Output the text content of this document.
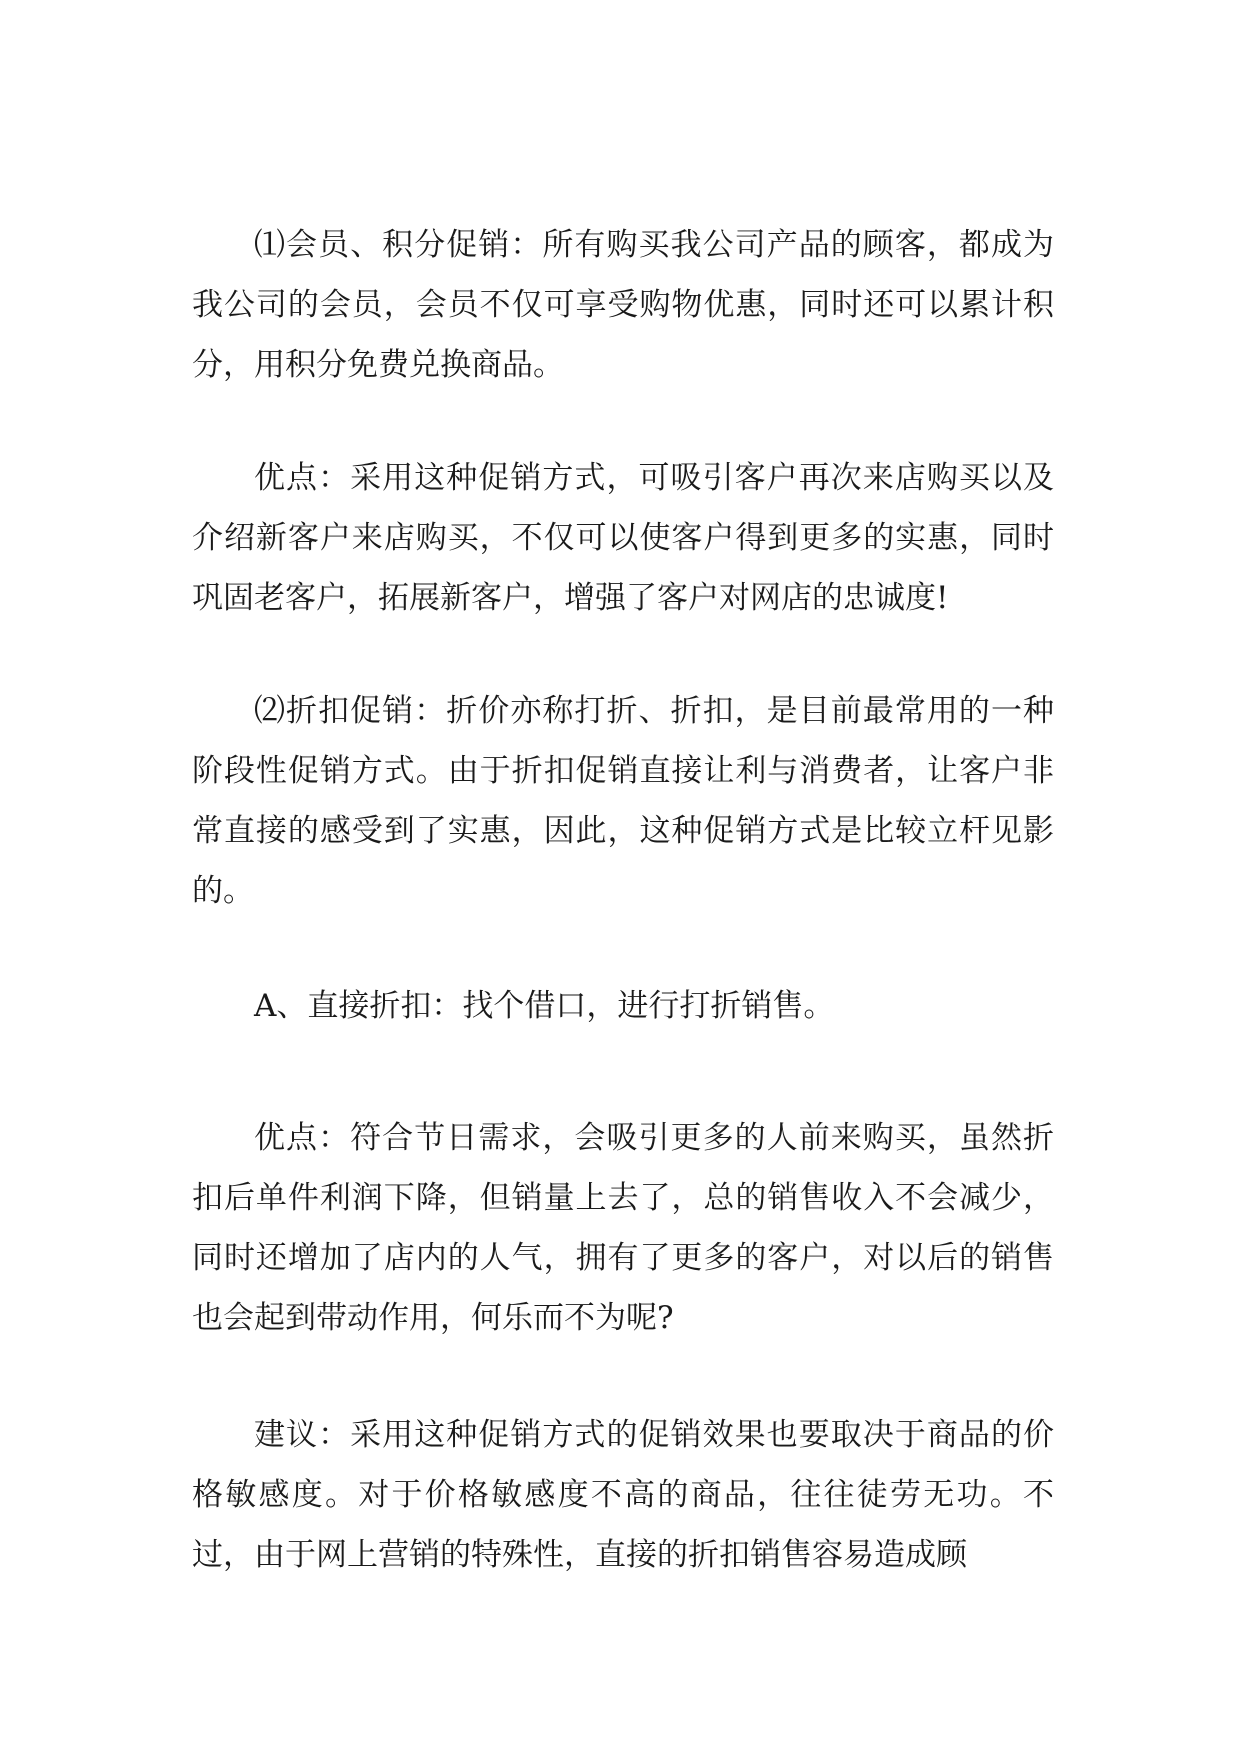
⑴会员、积分促销：所有购买我公司产品的顾客，都成为我公司的会员，会员不仅可享受购物优惠，同时还可以累计积分，用积分免费兑换商品。

优点：采用这种促销方式，可吸引客户再次来店购买以及介绍新客户来店购买，不仅可以使客户得到更多的实惠，同时巩固老客户，拓展新客户，增强了客户对网店的忠诚度!

⑵折扣促销：折价亦称打折、折扣，是目前最常用的一种阶段性促销方式。由于折扣促销直接让利与消费者，让客户非常直接的感受到了实惠，因此，这种促销方式是比较立杆见影的。

A、直接折扣：找个借口，进行打折销售。

优点：符合节日需求，会吸引更多的人前来购买，虽然折扣后单件利润下降，但销量上去了，总的销售收入不会减少，同时还增加了店内的人气，拥有了更多的客户，对以后的销售也会起到带动作用，何乐而不为呢?

建议：采用这种促销方式的促销效果也要取决于商品的价格敏感度。对于价格敏感度不高的商品，往往徒劳无功。不过，由于网上营销的特殊性，直接的折扣销售容易造成顾
